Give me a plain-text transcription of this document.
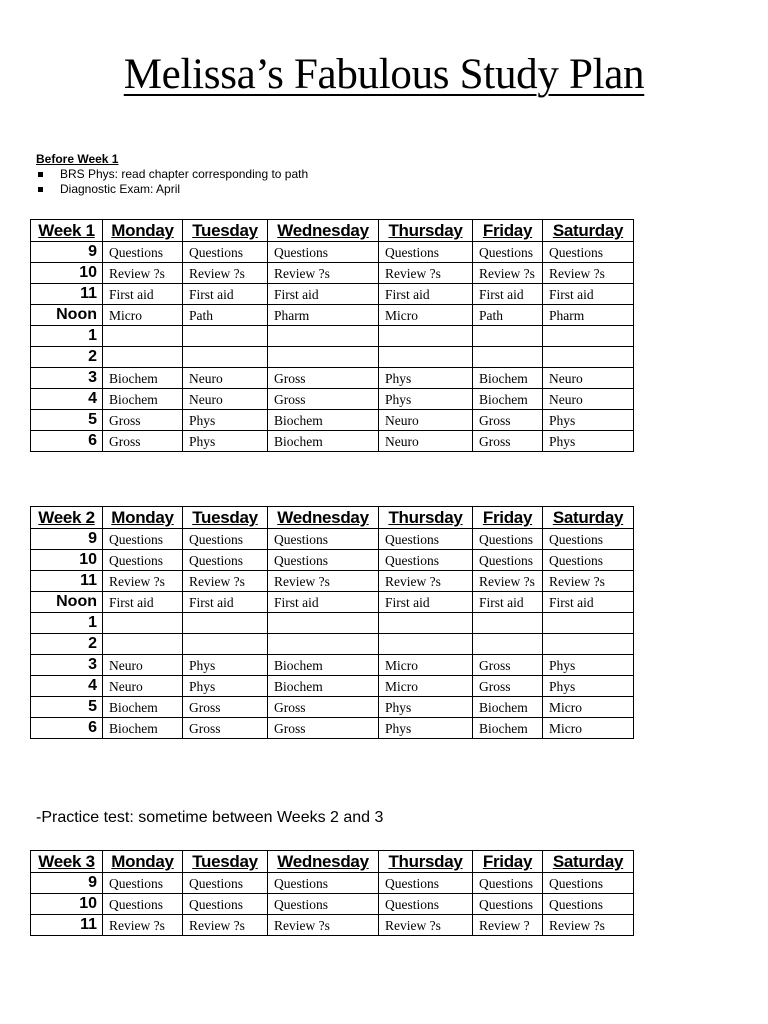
Melissa’s Fabulous Study Plan
Before Week 1
BRS Phys: read chapter corresponding to path
Diagnostic Exam: April
Week 1	Monday	Tuesday	Wednesday	Thursday	Friday	Saturday
9	Questions	Questions	Questions	Questions	Questions	Questions
10	Review ?s	Review ?s	Review ?s	Review ?s	Review ?s	Review ?s
11	First aid	First aid	First aid	First aid	First aid	First aid
Noon	Micro	Path	Pharm	Micro	Path	Pharm
1						
2						
3	Biochem	Neuro	Gross	Phys	Biochem	Neuro
4	Biochem	Neuro	Gross	Phys	Biochem	Neuro
5	Gross	Phys	Biochem	Neuro	Gross	Phys
6	Gross	Phys	Biochem	Neuro	Gross	Phys
Week 2	Monday	Tuesday	Wednesday	Thursday	Friday	Saturday
9	Questions	Questions	Questions	Questions	Questions	Questions
10	Questions	Questions	Questions	Questions	Questions	Questions
11	Review ?s	Review ?s	Review ?s	Review ?s	Review ?s	Review ?s
Noon	First aid	First aid	First aid	First aid	First aid	First aid
1						
2						
3	Neuro	Phys	Biochem	Micro	Gross	Phys
4	Neuro	Phys	Biochem	Micro	Gross	Phys
5	Biochem	Gross	Gross	Phys	Biochem	Micro
6	Biochem	Gross	Gross	Phys	Biochem	Micro
-Practice test: sometime between Weeks 2 and 3
Week 3	Monday	Tuesday	Wednesday	Thursday	Friday	Saturday
9	Questions	Questions	Questions	Questions	Questions	Questions
10	Questions	Questions	Questions	Questions	Questions	Questions
11	Review ?s	Review ?s	Review ?s	Review ?s	Review ?	Review ?s
